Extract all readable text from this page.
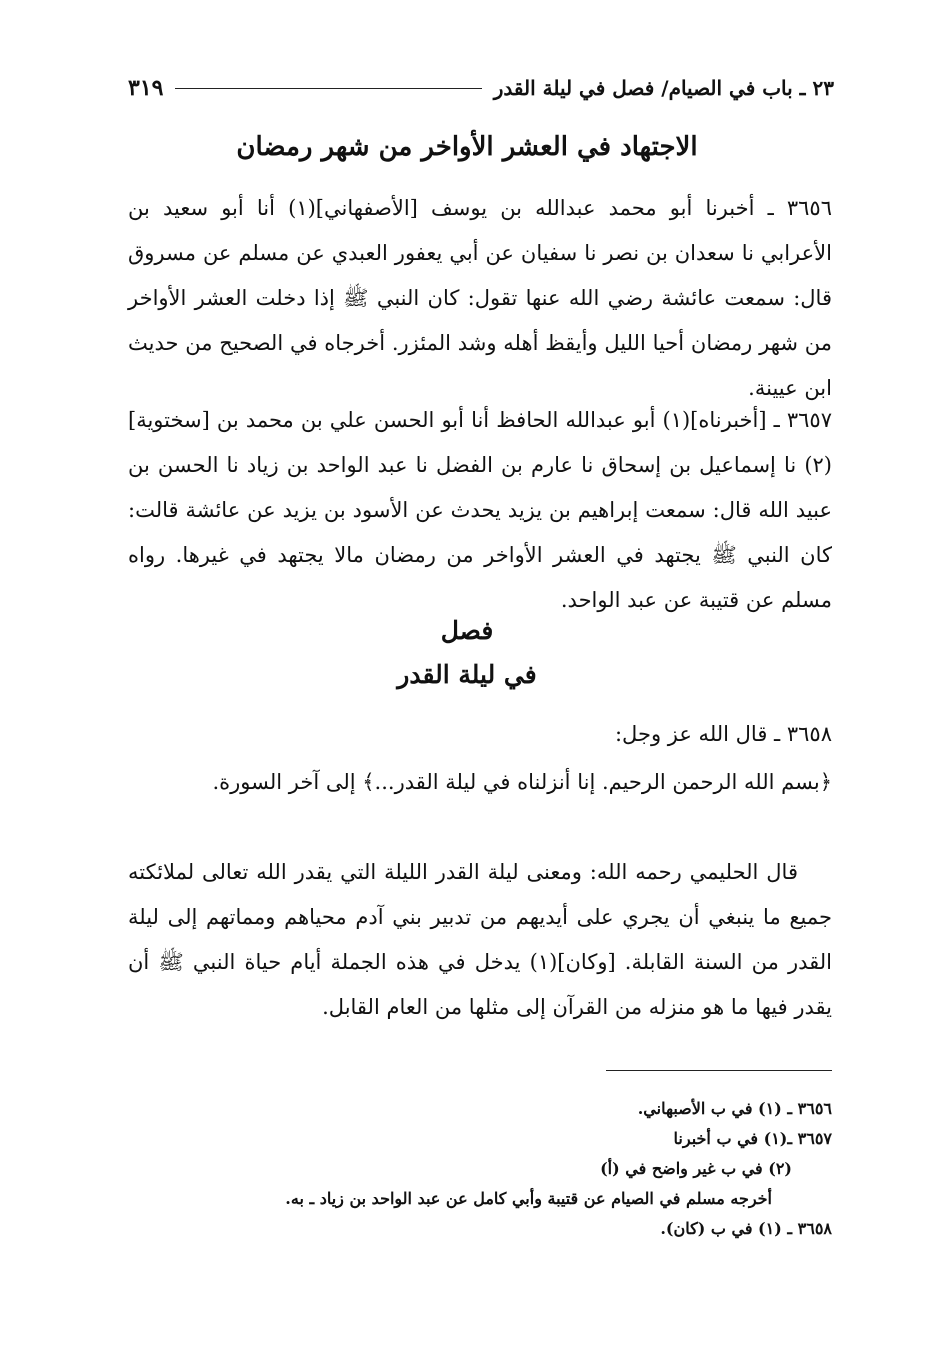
٢٣ ـ باب في الصيام/ فصل في ليلة القدر
٣١٩
الاجتهاد في العشر الأواخر من شهر رمضان
٣٦٥٦ ـ أخبرنا أبو محمد عبدالله بن يوسف [الأصفهاني](١) أنا أبو سعيد بن الأعرابي نا سعدان بن نصر نا سفيان عن أبي يعفور العبدي عن مسلم عن مسروق قال: سمعت عائشة رضي الله عنها تقول: كان النبي ﷺ إذا دخلت العشر الأواخر من شهر رمضان أحيا الليل وأيقظ أهله وشد المئزر. أخرجاه في الصحيح من حديث ابن عيينة.
٣٦٥٧ ـ [أخبرناه](١) أبو عبدالله الحافظ أنا أبو الحسن علي بن محمد بن [سختوية](٢) نا إسماعيل بن إسحاق نا عارم بن الفضل نا عبد الواحد بن زياد نا الحسن بن عبيد الله قال: سمعت إبراهيم بن يزيد يحدث عن الأسود بن يزيد عن عائشة قالت: كان النبي ﷺ يجتهد في العشر الأواخر من رمضان مالا يجتهد في غيرها. رواه مسلم عن قتيبة عن عبد الواحد.
فصل
في ليلة القدر
٣٦٥٨ ـ قال الله عز وجل:
﴿بسم الله الرحمن الرحيم. إنا أنزلناه في ليلة القدر...﴾ إلى آخر السورة.
قال الحليمي رحمه الله: ومعنى ليلة القدر الليلة التي يقدر الله تعالى لملائكته جميع ما ينبغي أن يجري على أيديهم من تدبير بني آدم محياهم ومماتهم إلى ليلة القدر من السنة القابلة. [وكان](١) يدخل في هذه الجملة أيام حياة النبي ﷺ أن يقدر فيها ما هو منزله من القرآن إلى مثلها من العام القابل.
٣٦٥٦ ـ (١) في ب الأصبهاني.
٣٦٥٧ ـ(١) في ب أخبرنا
(٢) في ب غير واضح في (أ)
أخرجه مسلم في الصيام عن قتيبة وأبي كامل عن عبد الواحد بن زياد ـ به.
٣٦٥٨ ـ (١) في ب (كان).
